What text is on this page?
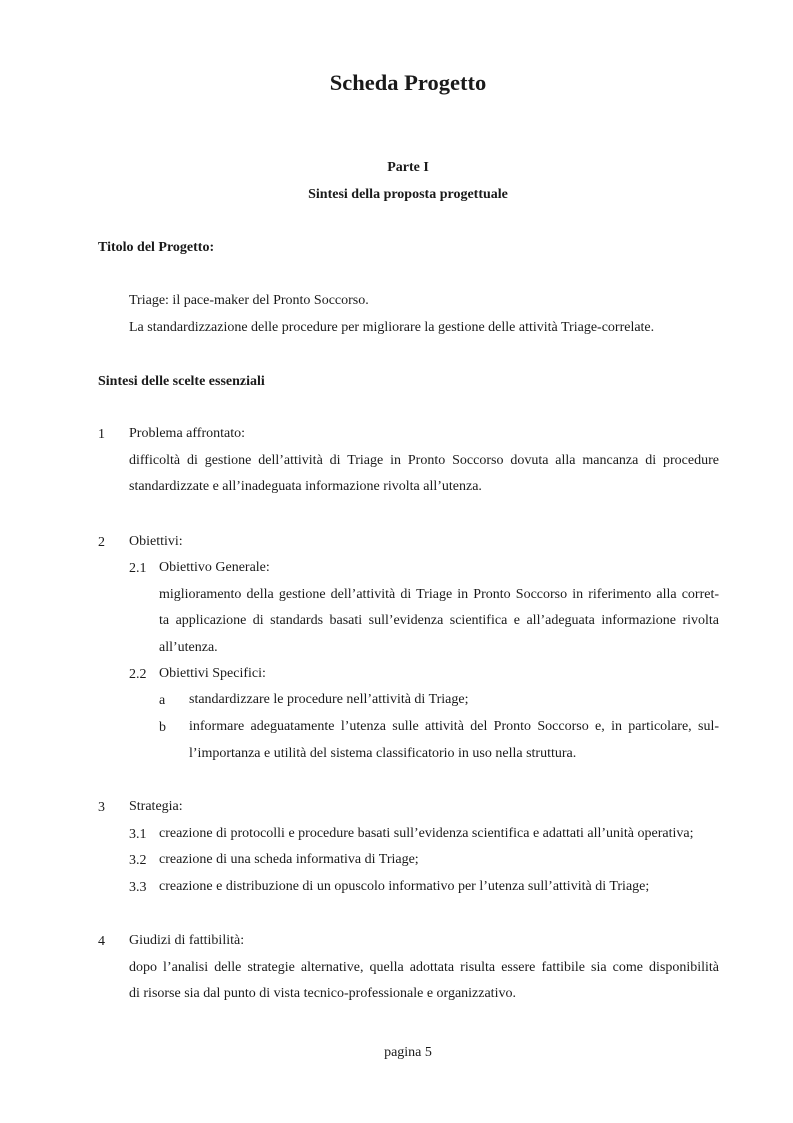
Scheda Progetto
Parte I
Sintesi della proposta progettuale
Titolo del Progetto:
Triage: il pace-maker del Pronto Soccorso.
La standardizzazione delle procedure per migliorare la gestione delle attività Triage-correlate.
Sintesi delle scelte essenziali
1 Problema affrontato:
difficoltà di gestione dell’attività di Triage in Pronto Soccorso dovuta alla mancanza di procedure
standardizzate e all’inadeguata informazione rivolta all’utenza.
2 Obiettivi:
2.1 Obiettivo Generale:
miglioramento della gestione dell’attività di Triage in Pronto Soccorso in riferimento alla corret-
ta applicazione di standards basati sull’evidenza scientifica e all’adeguata informazione rivolta
all’utenza.
2.2 Obiettivi Specifici:
a standardizzare le procedure nell’attività di Triage;
b informare adeguatamente l’utenza sulle attività del Pronto Soccorso e, in particolare, sul-
l’importanza e utilità del sistema classificatorio in uso nella struttura.
3 Strategia:
3.1 creazione di protocolli e procedure basati sull’evidenza scientifica e adattati all’unità operativa;
3.2 creazione di una scheda informativa di Triage;
3.3 creazione e distribuzione di un opuscolo informativo per l’utenza sull’attività di Triage;
4 Giudizi di fattibilità:
dopo l’analisi delle strategie alternative, quella adottata risulta essere fattibile sia come disponibilità
di risorse sia dal punto di vista tecnico-professionale e organizzativo.
pagina 5
